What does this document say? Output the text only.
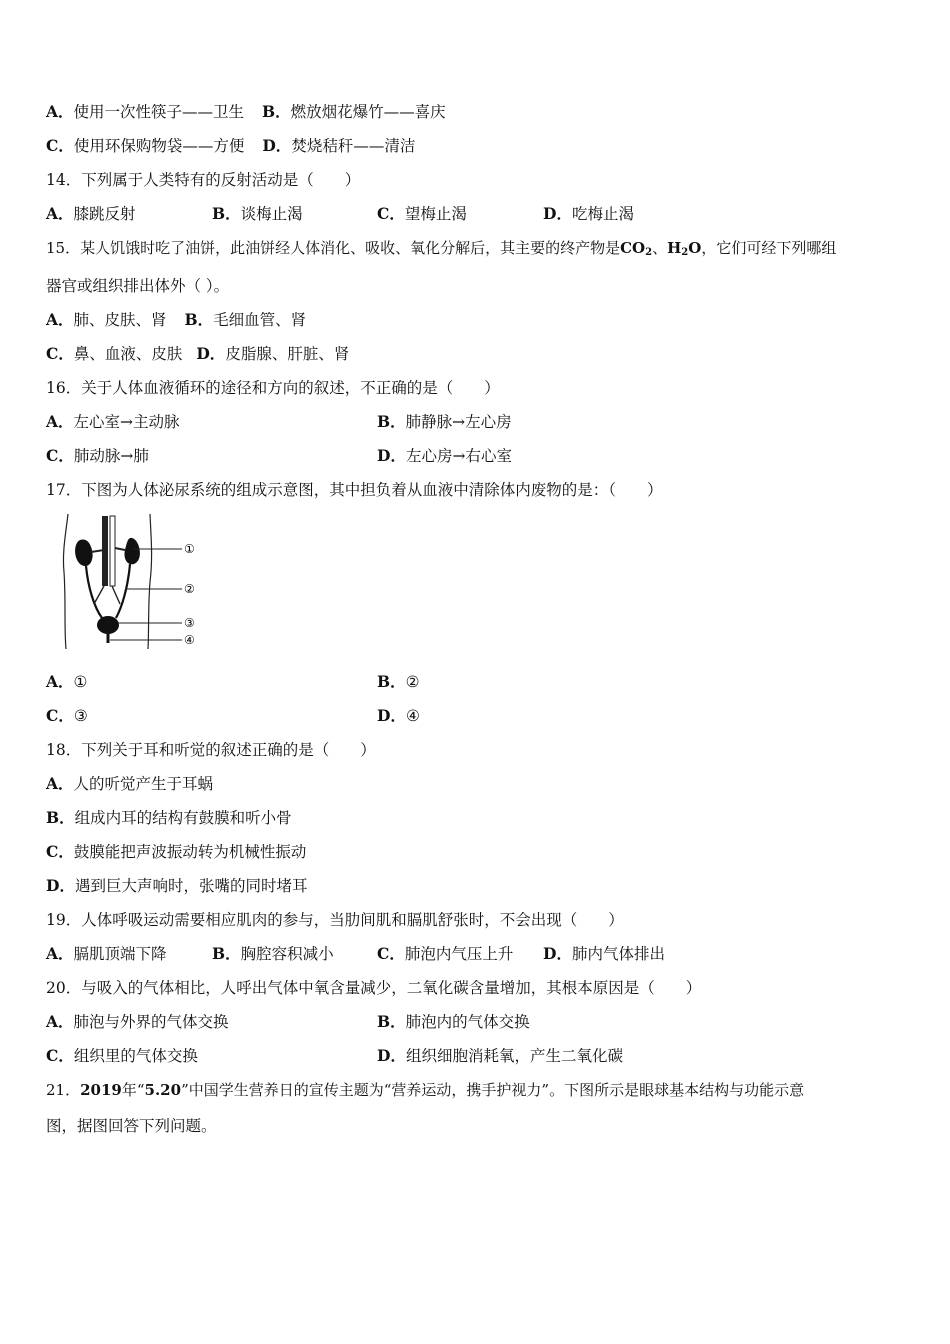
A．使用一次性筷子——卫生 B．燃放烟花爆竹——喜庆
C．使用环保购物袋——方便 D．焚烧秸秆——清洁
14．下列属于人类特有的反射活动是（　　）
A．膝跳反射	B．谈梅止渴	C．望梅止渴	D．吃梅止渴
15．某人饥饿时吃了油饼，此油饼经人体消化、吸收、氧化分解后，其主要的终产物是$CO_2$、$H_2O$，它们可经下列哪组
器官或组织排出体外（ ）。
A．肺、皮肤、肾 B．毛细血管、肾
C．鼻、血液、皮肤 D．皮脂腺、肝脏、肾
16．关于人体血液循环的途径和方向的叙述，不正确的是（　　）
A．左心室→主动脉	B．肺静脉→左心房
C．肺动脉→肺	D．左心房→右心室
17．下图为人体泌尿系统的组成示意图，其中担负着从血液中清除体内废物的是：（　　）
①
②
③
④
A．①	B．②
C．③	D．④
18．下列关于耳和听觉的叙述正确的是（　　）
A．人的听觉产生于耳蜗
B．组成内耳的结构有鼓膜和听小骨
C．鼓膜能把声波振动转为机械性振动
D．遇到巨大声响时，张嘴的同时堵耳
19．人体呼吸运动需要相应肌肉的参与，当肋间肌和膈肌舒张时，不会出现（　　）
A．膈肌顶端下降	B．胸腔容积减小	C．肺泡内气压上升 D．肺内气体排出
20．与吸入的气体相比，人呼出气体中氧含量减少，二氧化碳含量增加，其根本原因是（　　）
A．肺泡与外界的气体交换	B．肺泡内的气体交换
C．组织里的气体交换	D．组织细胞消耗氧，产生二氧化碳
21．2019年“5.20”中国学生营养日的宣传主题为“营养运动，携手护视力”。下图所示是眼球基本结构与功能示意
图，据图回答下列问题。
